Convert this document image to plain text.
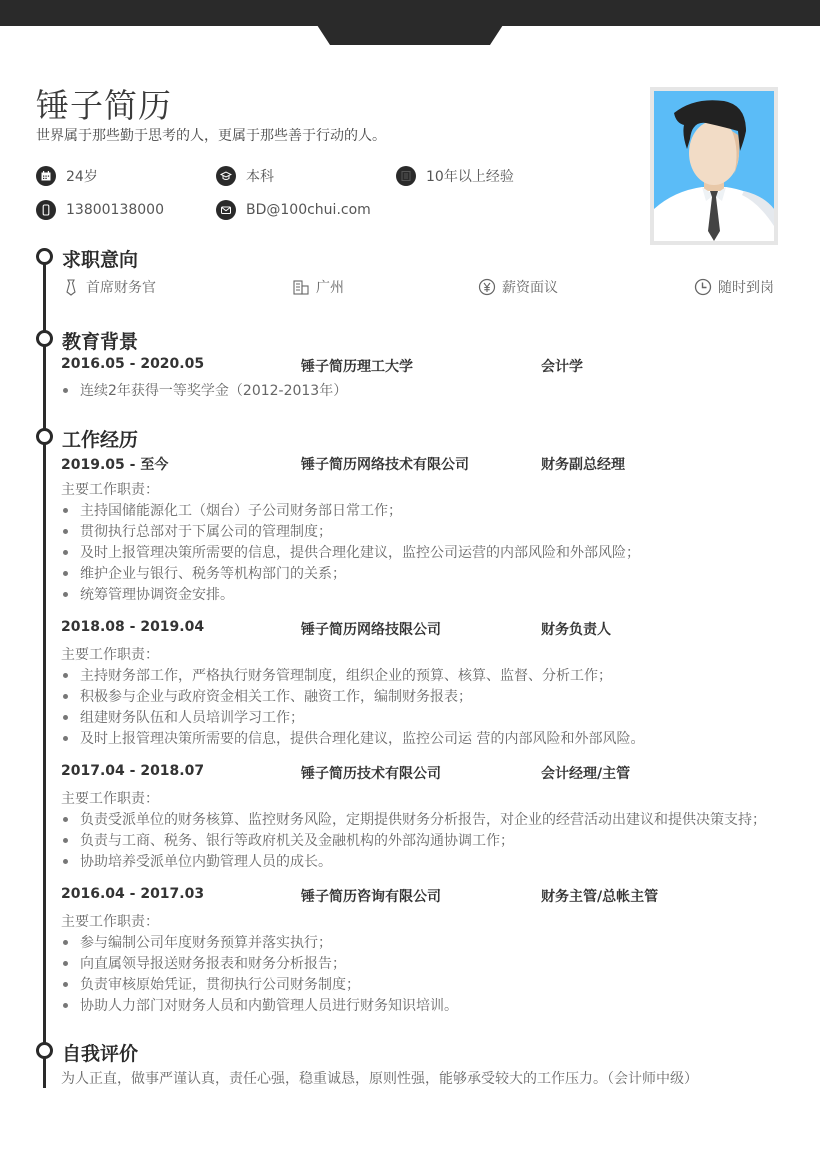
锤子简历
世界属于那些勤于思考的人，更属于那些善于行动的人。
24岁	本科	10年以上经验
13800138000	BD@100chui.com
求职意向
首席财务官	广州	薪资面议	随时到岗
教育背景
2016.05 - 2020.05	锤子简历理工大学	会计学
连续2年获得一等奖学金（2012-2013年）
工作经历
2019.05 - 至今	锤子简历网络技术有限公司	财务副总经理
主要工作职责：
主持国储能源化工（烟台）子公司财务部日常工作；
贯彻执行总部对于下属公司的管理制度；
及时上报管理决策所需要的信息，提供合理化建议，监控公司运营的内部风险和外部风险；
维护企业与银行、税务等机构部门的关系；
统筹管理协调资金安排。
2018.08 - 2019.04	锤子简历网络技限公司	财务负责人
主要工作职责：
主持财务部工作，严格执行财务管理制度，组织企业的预算、核算、监督、分析工作；
积极参与企业与政府资金相关工作、融资工作，编制财务报表；
组建财务队伍和人员培训学习工作；
及时上报管理决策所需要的信息，提供合理化建议，监控公司运 营的内部风险和外部风险。
2017.04 - 2018.07	锤子简历技术有限公司	会计经理/主管
主要工作职责：
负责受派单位的财务核算、监控财务风险，定期提供财务分析报告，对企业的经营活动出建议和提供决策支持；
负责与工商、税务、银行等政府机关及金融机构的外部沟通协调工作；
协助培养受派单位内勤管理人员的成长。
2016.04 - 2017.03	锤子简历咨询有限公司	财务主管/总帐主管
主要工作职责：
参与编制公司年度财务预算并落实执行；
向直属领导报送财务报表和财务分析报告；
负责审核原始凭证，贯彻执行公司财务制度；
协助人力部门对财务人员和内勤管理人员进行财务知识培训。
自我评价
为人正直，做事严谨认真，责任心强，稳重诚恳，原则性强，能够承受较大的工作压力。（会计师中级）
